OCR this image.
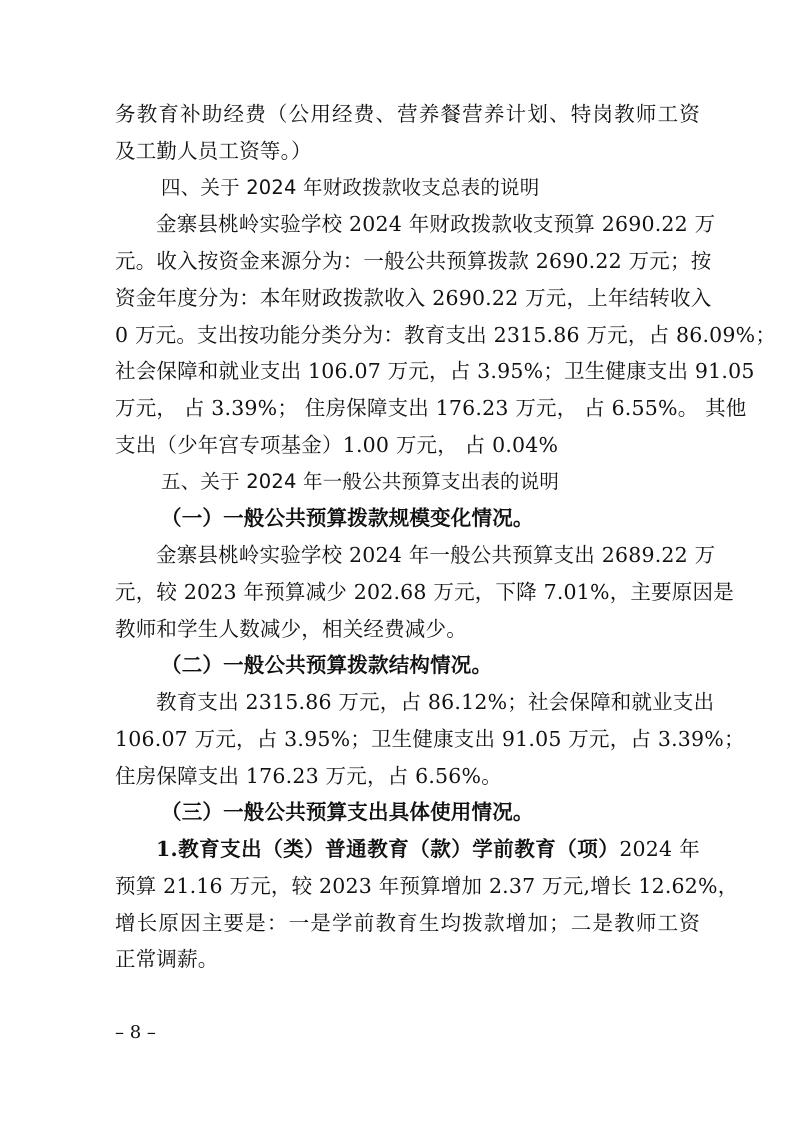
务教育补助经费（公用经费、营养餐营养计划、特岗教师工资
及工勤人员工资等。）
四、关于 2024 年财政拨款收支总表的说明
金寨县桃岭实验学校 2024 年财政拨款收支预算 2690.22 万
元。收入按资金来源分为：一般公共预算拨款 2690.22 万元；按
资金年度分为：本年财政拨款收入 2690.22 万元，上年结转收入
0 万元。支出按功能分类分为：教育支出 2315.86 万元，占 86.09%；
社会保障和就业支出 106.07 万元，占 3.95%；卫生健康支出 91.05
万元， 占 3.39%； 住房保障支出 176.23 万元， 占 6.55%。 其他
支出（少年宫专项基金）1.00 万元， 占 0.04%
五、关于 2024 年一般公共预算支出表的说明
（一）一般公共预算拨款规模变化情况。
金寨县桃岭实验学校 2024 年一般公共预算支出 2689.22 万
元，较 2023 年预算减少 202.68 万元，下降 7.01%，主要原因是
教师和学生人数减少，相关经费减少。
（二）一般公共预算拨款结构情况。
教育支出 2315.86 万元，占 86.12%；社会保障和就业支出
106.07 万元，占 3.95%；卫生健康支出 91.05 万元，占 3.39%；
住房保障支出 176.23 万元，占 6.56%。
（三）一般公共预算支出具体使用情况。
1.教育支出（类）普通教育（款）学前教育（项）2024 年
预算 21.16 万元，较 2023 年预算增加 2.37 万元,增长 12.62%，
增长原因主要是：一是学前教育生均拨款增加；二是教师工资
正常调薪。
– 8 –
